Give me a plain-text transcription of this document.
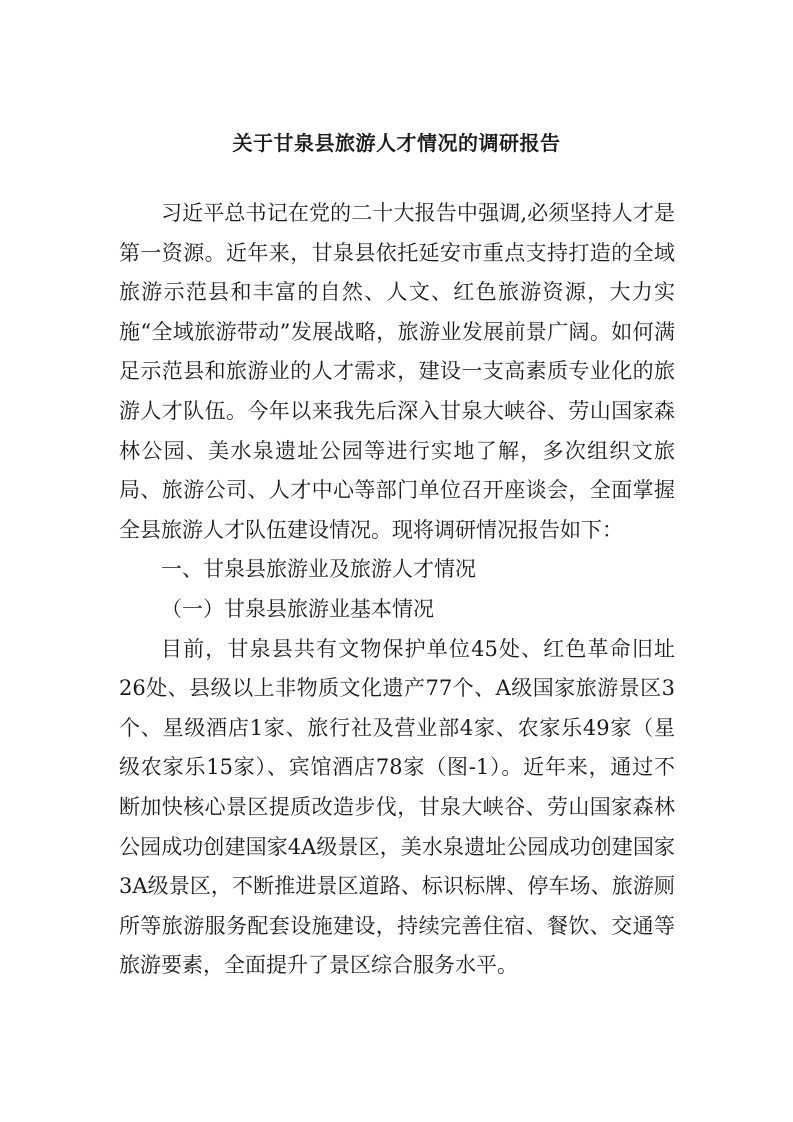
关于甘泉县旅游人才情况的调研报告

习近平总书记在党的二十大报告中强调,必须坚持人才是第一资源。近年来，甘泉县依托延安市重点支持打造的全域旅游示范县和丰富的自然、人文、红色旅游资源，大力实施“全域旅游带动”发展战略，旅游业发展前景广阔。如何满足示范县和旅游业的人才需求，建设一支高素质专业化的旅游人才队伍。今年以来我先后深入甘泉大峡谷、劳山国家森林公园、美水泉遗址公园等进行实地了解，多次组织文旅局、旅游公司、人才中心等部门单位召开座谈会，全面掌握全县旅游人才队伍建设情况。现将调研情况报告如下：

一、甘泉县旅游业及旅游人才情况

（一）甘泉县旅游业基本情况

目前，甘泉县共有文物保护单位45处、红色革命旧址26处、县级以上非物质文化遗产77个、A级国家旅游景区3个、星级酒店1家、旅行社及营业部4家、农家乐49家（星级农家乐15家）、宾馆酒店78家（图-1）。近年来，通过不断加快核心景区提质改造步伐，甘泉大峡谷、劳山国家森林公园成功创建国家4A级景区，美水泉遗址公园成功创建国家3A级景区，不断推进景区道路、标识标牌、停车场、旅游厕所等旅游服务配套设施建设，持续完善住宿、餐饮、交通等旅游要素，全面提升了景区综合服务水平。
